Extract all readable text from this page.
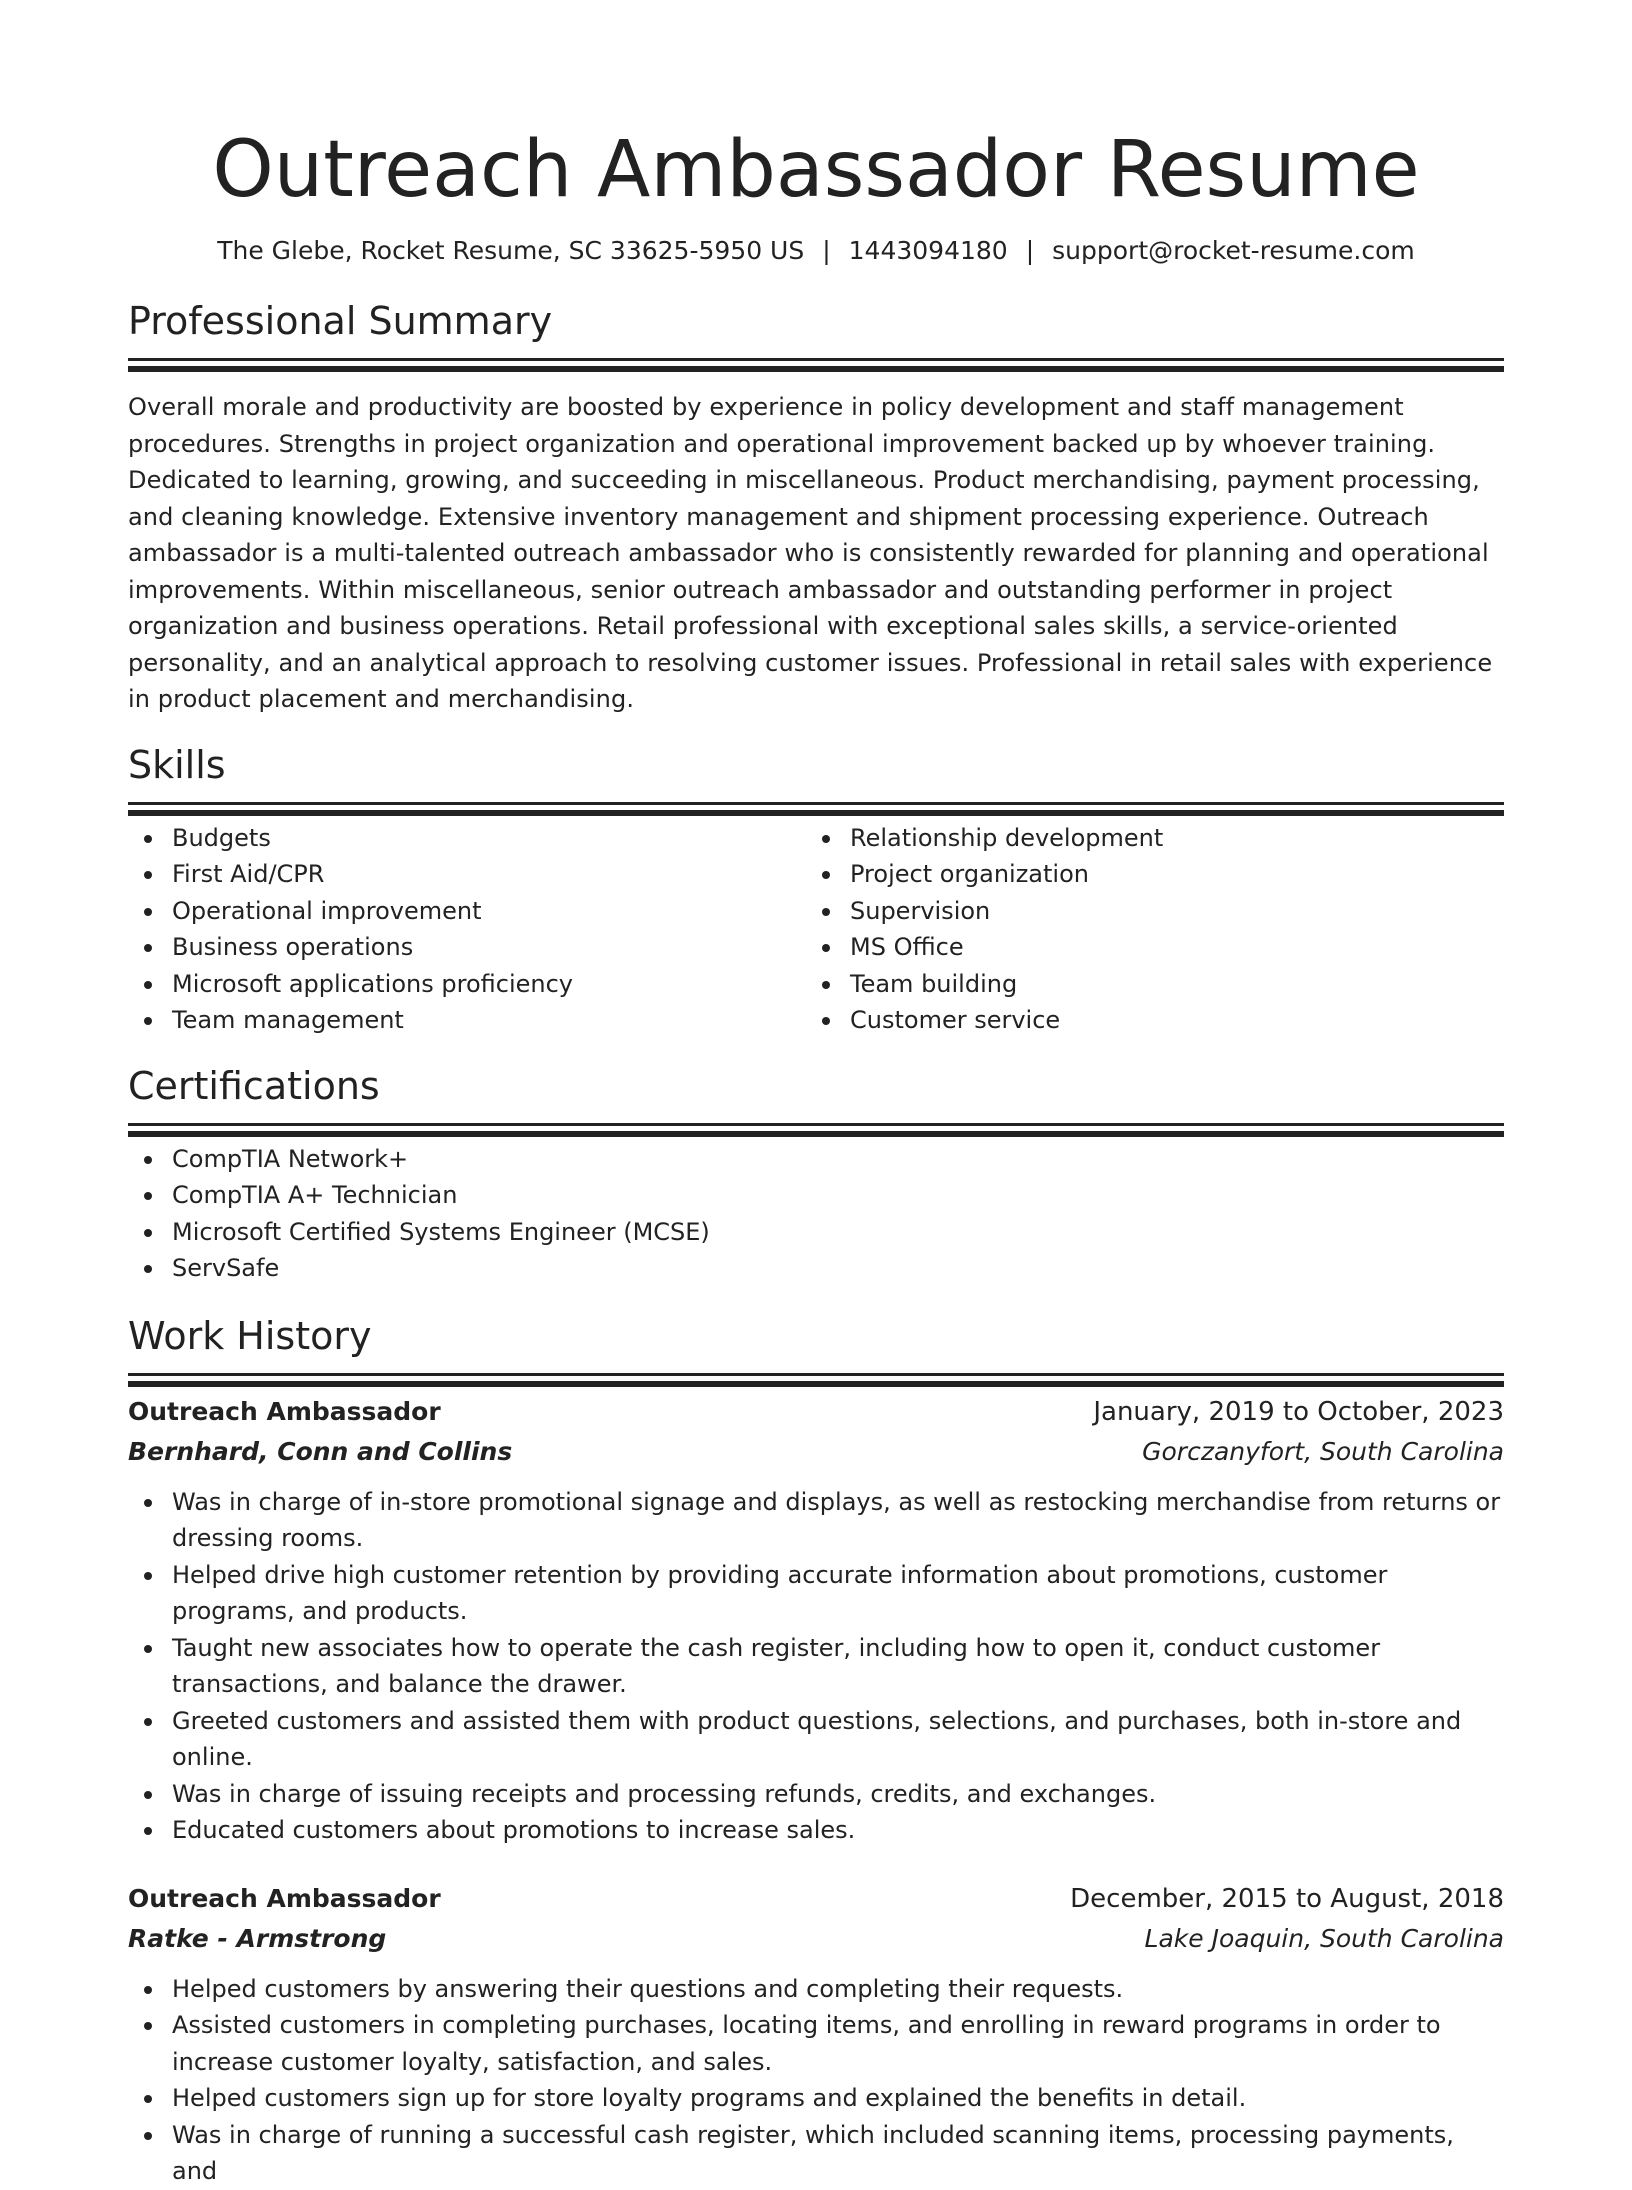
Outreach Ambassador Resume
The Glebe, Rocket Resume, SC 33625-5950 US | 1443094180 | support@rocket-resume.com
Professional Summary

Overall morale and productivity are boosted by experience in policy development and staff management procedures. Strengths in project organization and operational improvement backed up by whoever training. Dedicated to learning, growing, and succeeding in miscellaneous. Product merchandising, payment processing, and cleaning knowledge. Extensive inventory management and shipment processing experience. Outreach ambassador is a multi-talented outreach ambassador who is consistently rewarded for planning and operational improvements. Within miscellaneous, senior outreach ambassador and outstanding performer in project organization and business operations. Retail professional with exceptional sales skills, a service-oriented personality, and an analytical approach to resolving customer issues. Professional in retail sales with experience in product placement and merchandising.

Skills
Budgets
First Aid/CPR
Operational improvement
Business operations
Microsoft applications proficiency
Team management
Relationship development
Project organization
Supervision
MS Office
Team building
Customer service
Certifications
CompTIA Network+
CompTIA A+ Technician
Microsoft Certified Systems Engineer (MCSE)
ServSafe
Work History
Outreach Ambassador	January, 2019 to October, 2023
Bernhard, Conn and Collins	Gorczanyfort, South Carolina
Was in charge of in-store promotional signage and displays, as well as restocking merchandise from returns or dressing rooms.
Helped drive high customer retention by providing accurate information about promotions, customer programs, and products.
Taught new associates how to operate the cash register, including how to open it, conduct customer transactions, and balance the drawer.
Greeted customers and assisted them with product questions, selections, and purchases, both in-store and online.
Was in charge of issuing receipts and processing refunds, credits, and exchanges.
Educated customers about promotions to increase sales.
Outreach Ambassador	December, 2015 to August, 2018
Ratke - Armstrong	Lake Joaquin, South Carolina
Helped customers by answering their questions and completing their requests.
Assisted customers in completing purchases, locating items, and enrolling in reward programs in order to increase customer loyalty, satisfaction, and sales.
Helped customers sign up for store loyalty programs and explained the benefits in detail.
Was in charge of running a successful cash register, which included scanning items, processing payments, and
